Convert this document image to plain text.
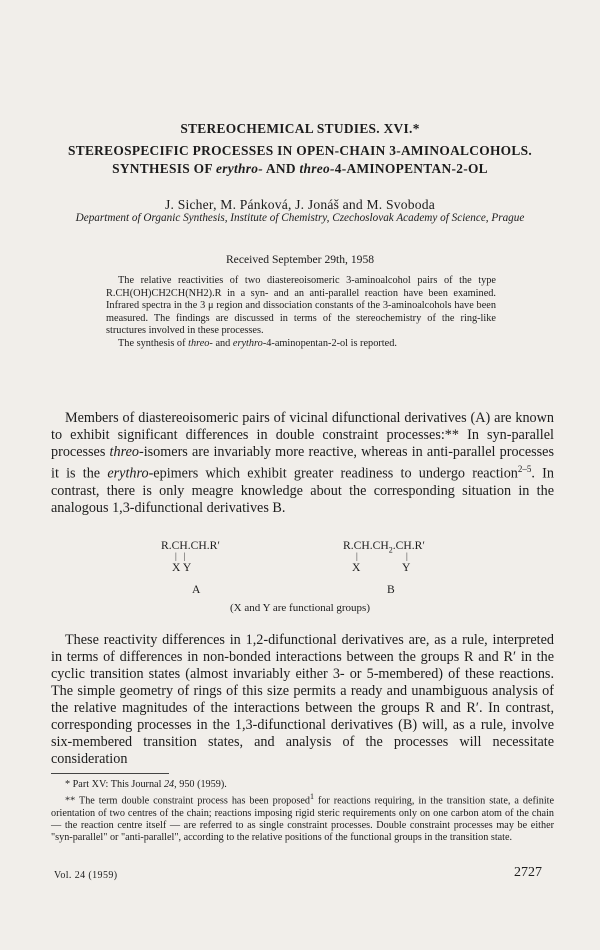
STEREOCHEMICAL STUDIES. XVI.*
STEREOSPECIFIC PROCESSES IN OPEN-CHAIN 3-AMINOALCOHOLS.
SYNTHESIS OF erythro- AND threo-4-AMINOPENTAN-2-OL
J. Sicher, M. Pánková, J. Jonáš and M. Svoboda
Department of Organic Synthesis, Institute of Chemistry, Czechoslovak Academy of Science, Prague
Received September 29th, 1958

The relative reactivities of two diastereoisomeric 3-aminoalcohol pairs of the type R.CH(OH)CH2CH(NH2).R in a syn- and an anti-parallel reaction have been examined. Infrared spectra in the 3 μ region and dissociation constants of the 3-aminoalcohols have been measured. The findings are discussed in terms of the stereochemistry of the ring-like structures involved in these processes.

The synthesis of threo- and erythro-4-aminopentan-2-ol is reported.

Members of diastereoisomeric pairs of vicinal difunctional derivatives (A) are known to exhibit significant differences in double constraint processes:** In syn-parallel processes threo-isomers are invariably more reactive, whereas in anti-parallel processes it is the erythro-epimers which exhibit greater readiness to undergo reaction$^{2-5}$. In contrast, there is only meagre knowledge about the corresponding situation in the analogous 1,3-difunctional derivatives B.

R.CH.CH.R′
|   |
X Y
A
$R.CH.CH_2.CH.R'$
|	|
X	Y
B
(X and Y are functional groups)

These reactivity differences in 1,2-difunctional derivatives are, as a rule, interpreted in terms of differences in non-bonded interactions between the groups R and R′ in the cyclic transition states (almost invariably either 3- or 5-membered) of these reactions. The simple geometry of rings of this size permits a ready and unambiguous analysis of the relative magnitudes of the interactions between the groups R and R′. In contrast, corresponding processes in the 1,3-difunctional derivatives (B) will, as a rule, involve six-membered transition states, and analysis of the processes will necessitate consideration

* Part XV: This Journal 24, 950 (1959).

** The term double constraint process has been proposed$^1$ for reactions requiring, in the transition state, a definite orientation of two centres of the chain; reactions imposing rigid steric requirements only on one carbon atom of the chain — the reaction centre itself — are referred to as single constraint processes. Double constraint processes may be either "syn-parallel" or "anti-parallel", according to the relative positions of the functional groups in the transition state.

Vol. 24 (1959)	2727
